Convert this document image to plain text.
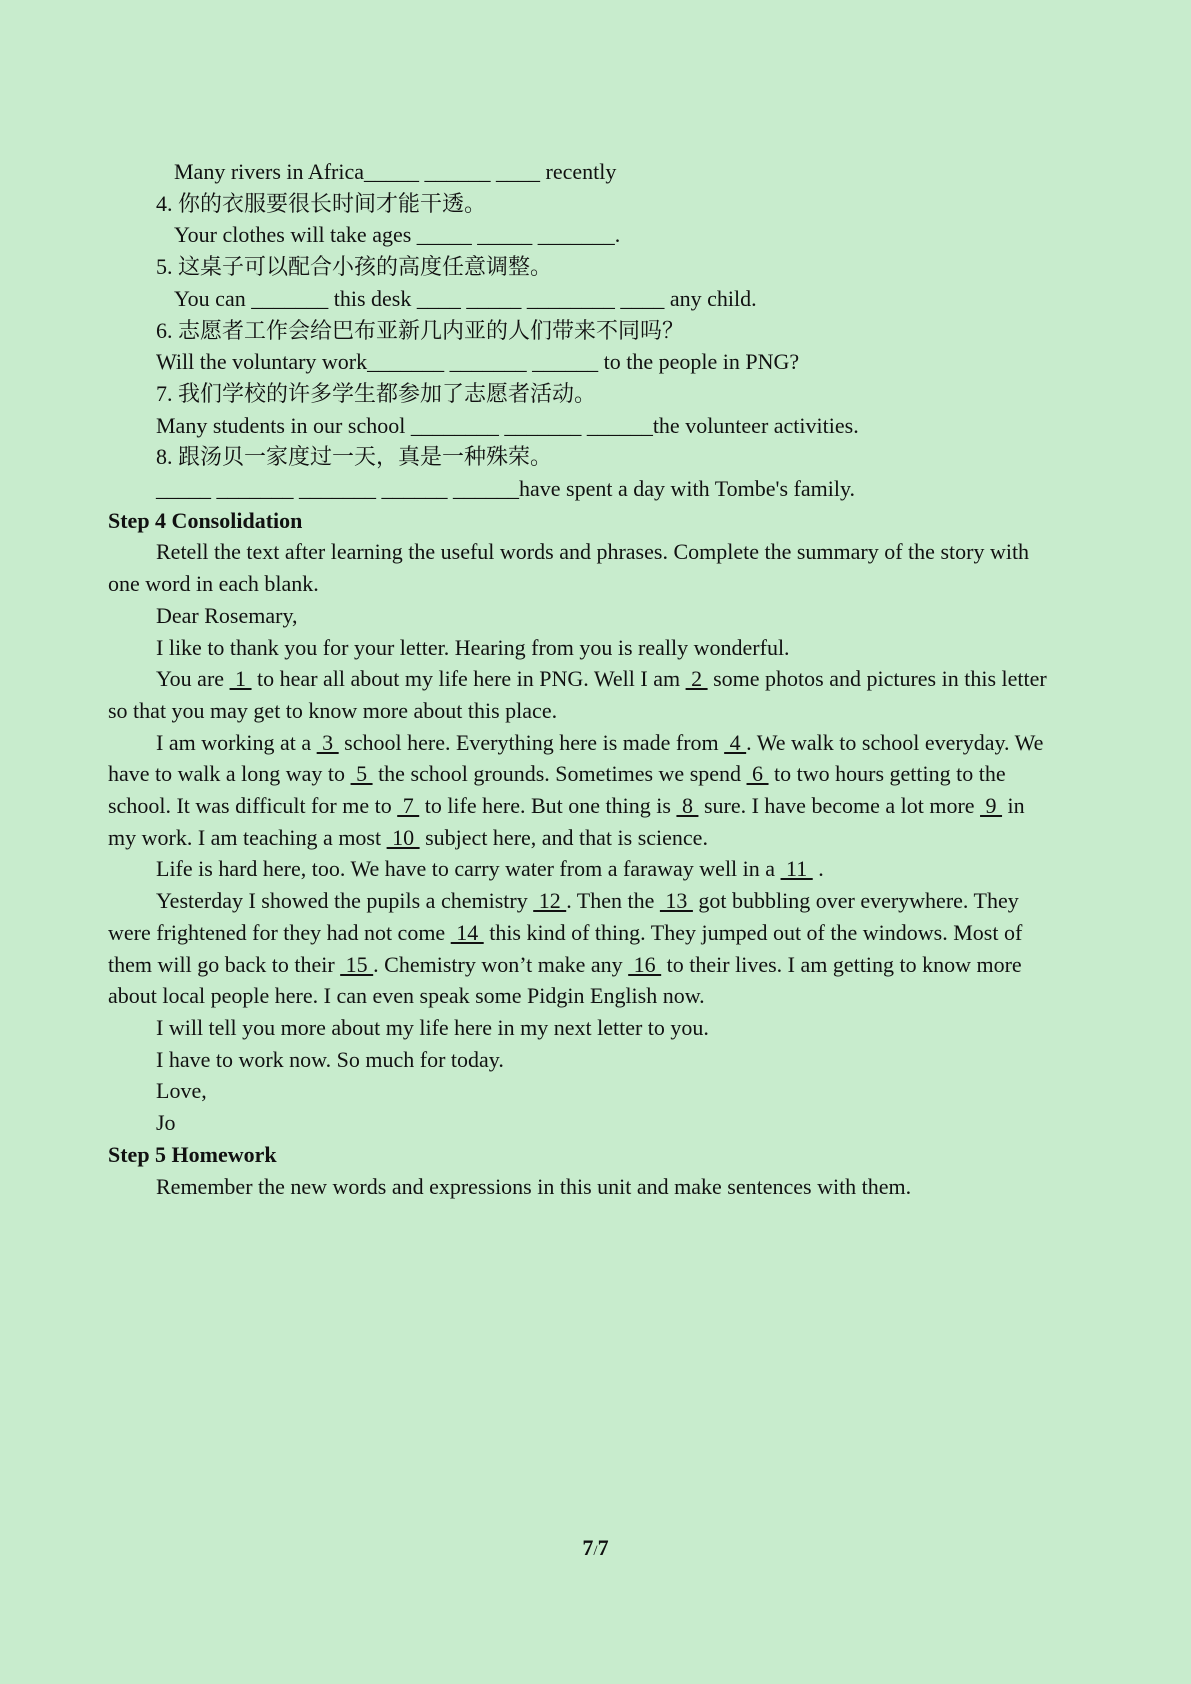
Many rivers in Africa_____ ______ ____ recently
4. 你的衣服要很长时间才能干透。
Your clothes will take ages _____ _____ _______.
5. 这桌子可以配合小孩的高度任意调整。
You can _______ this desk ____ _____ ________ ____ any child.
6. 志愿者工作会给巴布亚新几内亚的人们带来不同吗？
Will the voluntary work_______ _______ ______ to the people in PNG?
7. 我们学校的许多学生都参加了志愿者活动。
Many students in our school ________ _______ ______the volunteer activities.
8. 跟汤贝一家度过一天，真是一种殊荣。
_____ _______ _______ ______ ______have spent a day with Tombe's family.
Step 4 Consolidation
Retell the text after learning the useful words and phrases. Complete the summary of the story with one word in each blank.
Dear Rosemary,
I like to thank you for your letter. Hearing from you is really wonderful.
You are  1  to hear all about my life here in PNG. Well I am  2  some photos and pictures in this letter so that you may get to know more about this place.
I am working at a  3  school here. Everything here is made from  4 . We walk to school everyday. We have to walk a long way to  5  the school grounds. Sometimes we spend  6  to two hours getting to the school. It was difficult for me to  7  to life here. But one thing is  8  sure. I have become a lot more  9  in my work. I am teaching a most  10  subject here, and that is science.
Life is hard here, too. We have to carry water from a faraway well in a  11  .
Yesterday I showed the pupils a chemistry  12 . Then the  13  got bubbling over everywhere. They were frightened for they had not come  14  this kind of thing. They jumped out of the windows. Most of them will go back to their  15 . Chemistry won’t make any  16  to their lives. I am getting to know more about local people here. I can even speak some Pidgin English now.
I will tell you more about my life here in my next letter to you.
I have to work now. So much for today.
Love,
Jo
Step 5 Homework
Remember the new words and expressions in this unit and make sentences with them.
7/7
